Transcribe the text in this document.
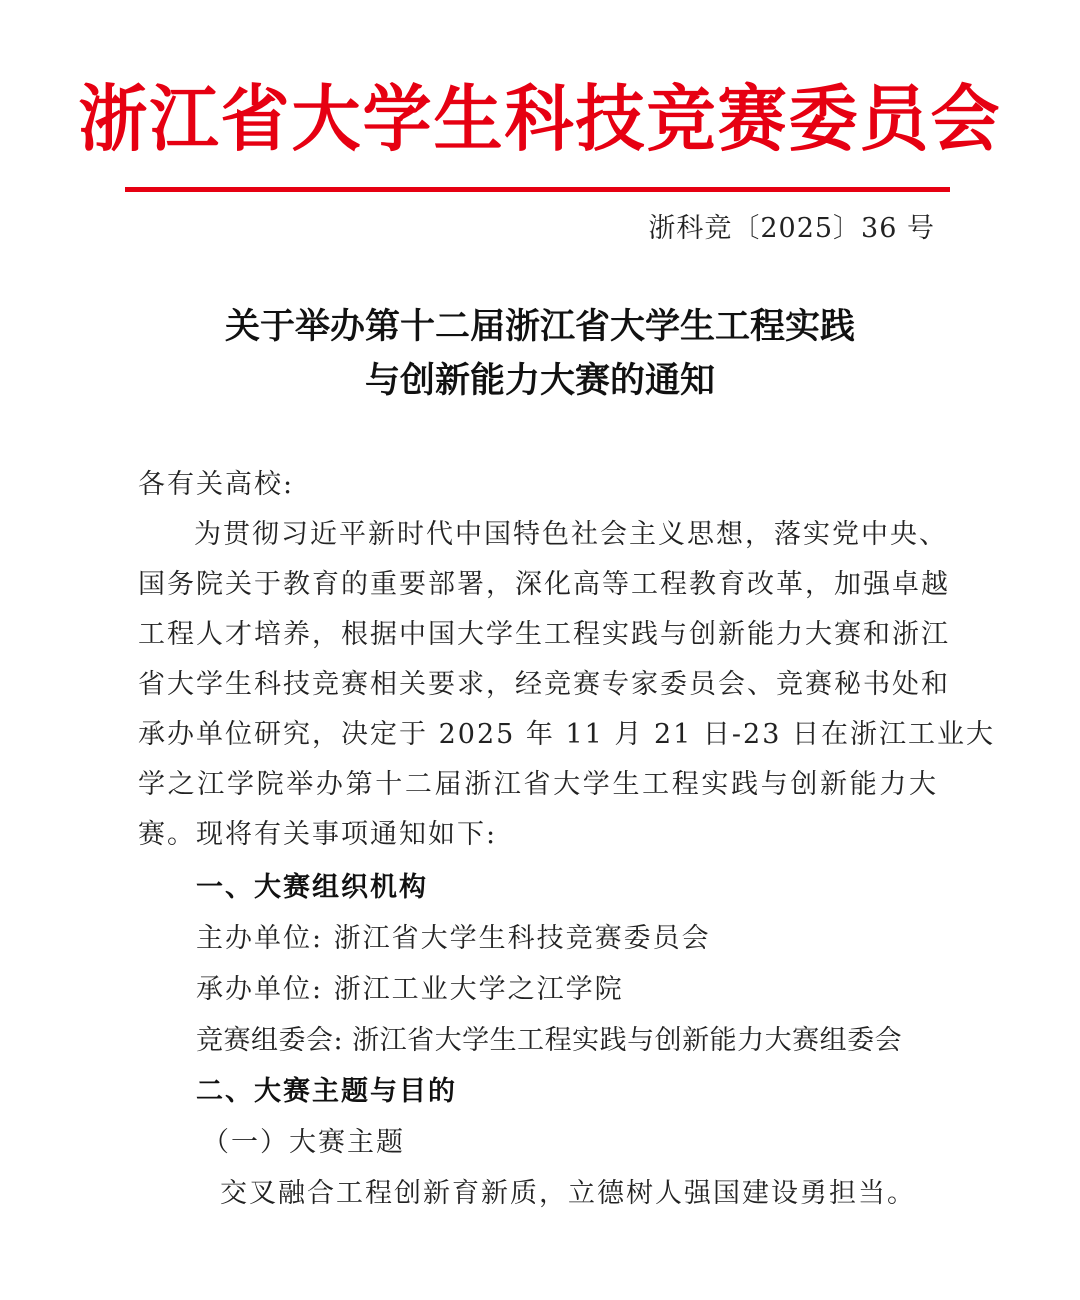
浙江省大学生科技竞赛委员会
浙科竞〔2025〕36 号
关于举办第十二届浙江省大学生工程实践
与创新能力大赛的通知
各有关高校:
为贯彻习近平新时代中国特色社会主义思想，落实党中央、
国务院关于教育的重要部署，深化高等工程教育改革，加强卓越
工程人才培养，根据中国大学生工程实践与创新能力大赛和浙江
省大学生科技竞赛相关要求，经竞赛专家委员会、竞赛秘书处和
承办单位研究，决定于 2025 年 11 月 21 日-23 日在浙江工业大
学之江学院举办第十二届浙江省大学生工程实践与创新能力大
赛。现将有关事项通知如下:
一、大赛组织机构
主办单位: 浙江省大学生科技竞赛委员会
承办单位: 浙江工业大学之江学院
竞赛组委会: 浙江省大学生工程实践与创新能力大赛组委会
二、大赛主题与目的
（一）大赛主题
交叉融合工程创新育新质，立德树人强国建设勇担当。
